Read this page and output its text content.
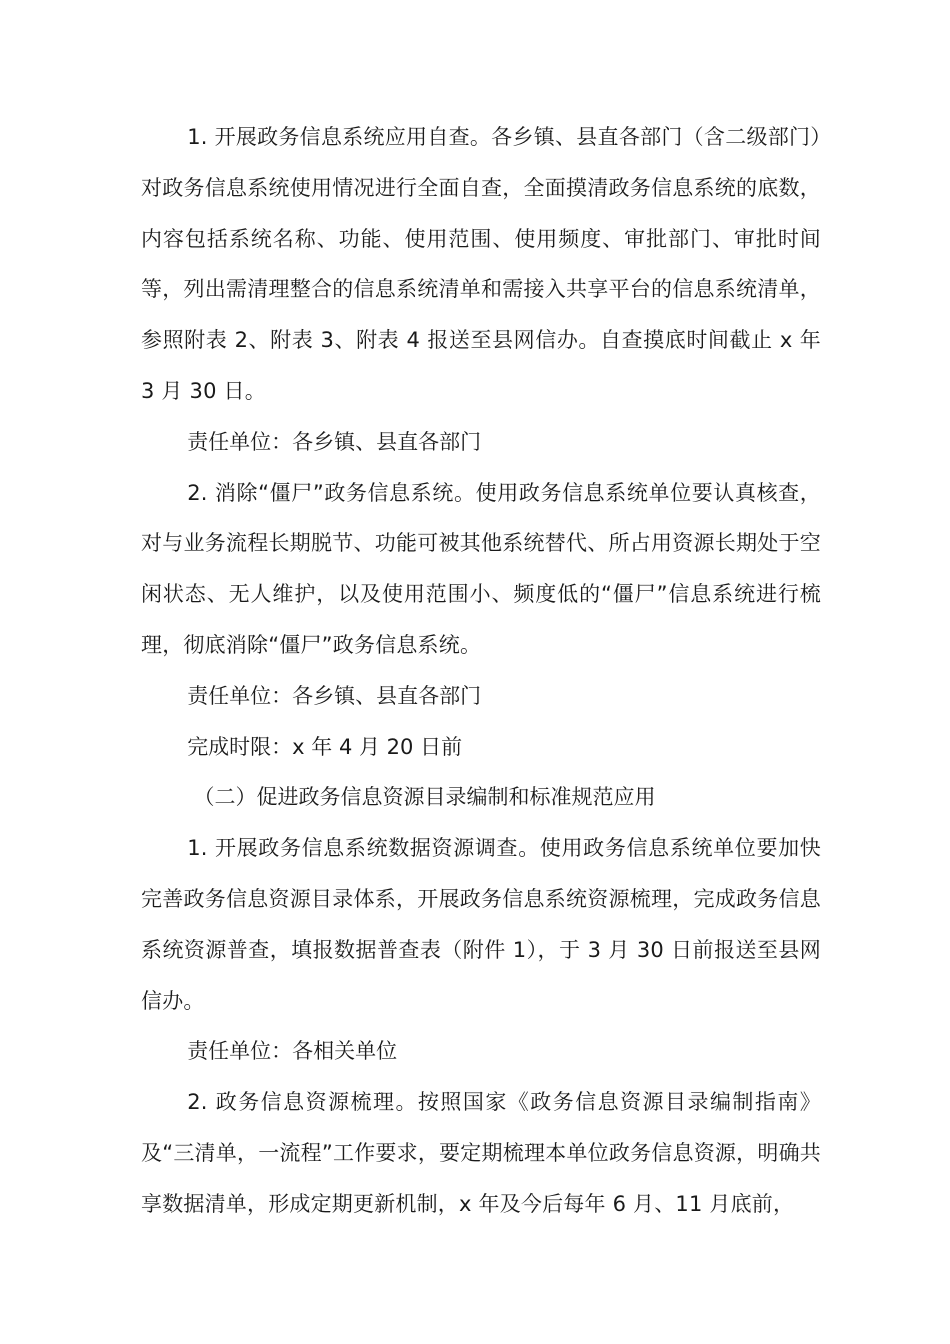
1. 开展政务信息系统应用自查。各乡镇、县直各部门（含二级部门）对政务信息系统使用情况进行全面自查，全面摸清政务信息系统的底数，内容包括系统名称、功能、使用范围、使用频度、审批部门、审批时间等，列出需清理整合的信息系统清单和需接入共享平台的信息系统清单，参照附表 2、附表 3、附表 4 报送至县网信办。自查摸底时间截止 x 年 3 月 30 日。

责任单位：各乡镇、县直各部门

2. 消除“僵尸”政务信息系统。使用政务信息系统单位要认真核查，对与业务流程长期脱节、功能可被其他系统替代、所占用资源长期处于空闲状态、无人维护，以及使用范围小、频度低的“僵尸”信息系统进行梳理，彻底消除“僵尸”政务信息系统。

责任单位：各乡镇、县直各部门

完成时限：x 年 4 月 20 日前

（二）促进政务信息资源目录编制和标准规范应用

1. 开展政务信息系统数据资源调查。使用政务信息系统单位要加快完善政务信息资源目录体系，开展政务信息系统资源梳理，完成政务信息系统资源普查，填报数据普查表（附件 1），于 3 月 30 日前报送至县网信办。

责任单位：各相关单位

2. 政务信息资源梳理。按照国家《政务信息资源目录编制指南》及“三清单，一流程”工作要求，要定期梳理本单位政务信息资源，明确共享数据清单，形成定期更新机制，x 年及今后每年 6 月、11 月底前，
